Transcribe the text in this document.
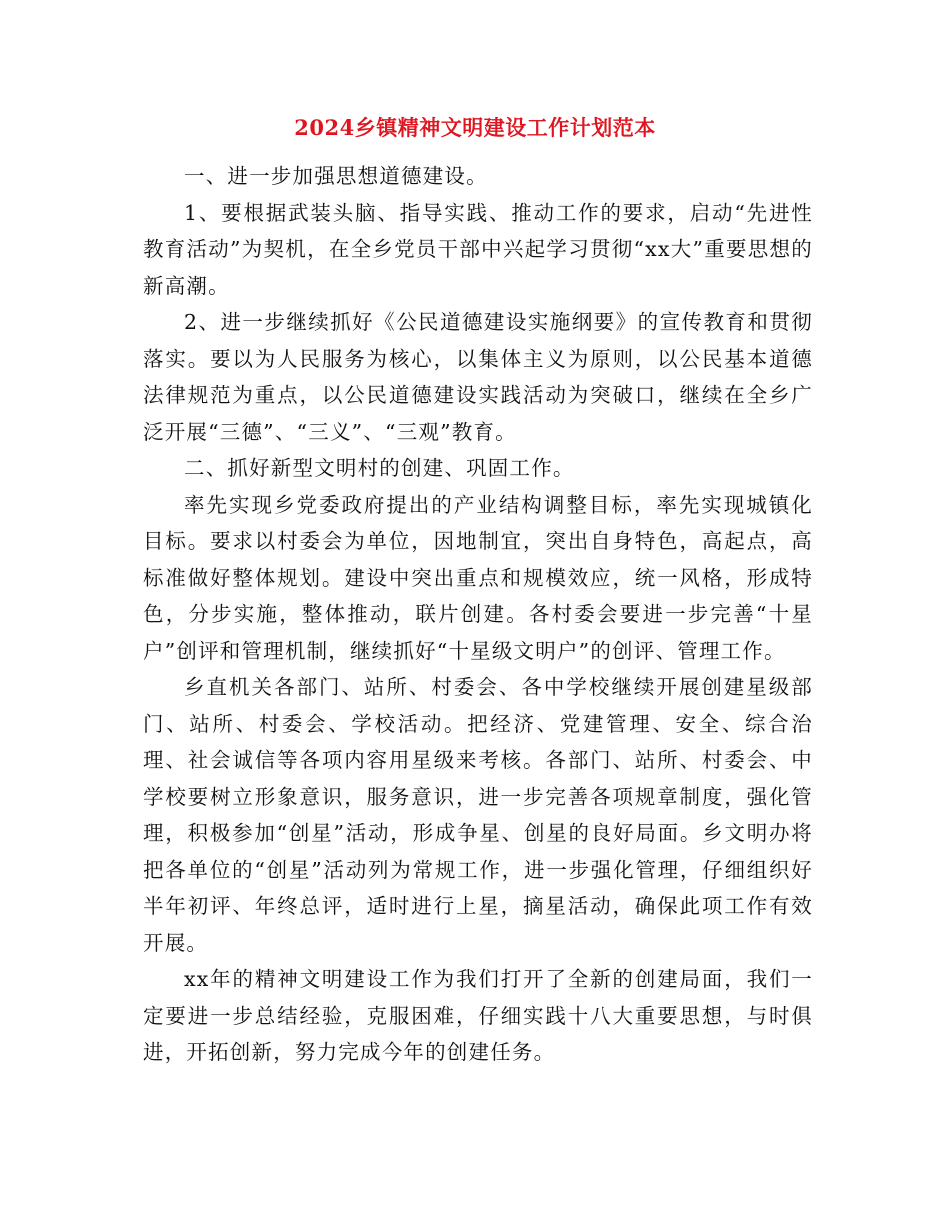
2024乡镇精神文明建设工作计划范本

一、进一步加强思想道德建设。

1、要根据武装头脑、指导实践、推动工作的要求，启动“先进性教育活动”为契机，在全乡党员干部中兴起学习贯彻“xx大”重要思想的新高潮。

2、进一步继续抓好《公民道德建设实施纲要》的宣传教育和贯彻落实。要以为人民服务为核心，以集体主义为原则，以公民基本道德法律规范为重点，以公民道德建设实践活动为突破口，继续在全乡广泛开展“三德”、“三义”、“三观”教育。

二、抓好新型文明村的创建、巩固工作。

率先实现乡党委政府提出的产业结构调整目标，率先实现城镇化目标。要求以村委会为单位，因地制宜，突出自身特色，高起点，高标准做好整体规划。建设中突出重点和规模效应，统一风格，形成特色，分步实施，整体推动，联片创建。各村委会要进一步完善“十星户”创评和管理机制，继续抓好“十星级文明户”的创评、管理工作。

乡直机关各部门、站所、村委会、各中学校继续开展创建星级部门、站所、村委会、学校活动。把经济、党建管理、安全、综合治理、社会诚信等各项内容用星级来考核。各部门、站所、村委会、中学校要树立形象意识，服务意识，进一步完善各项规章制度，强化管理，积极参加“创星”活动，形成争星、创星的良好局面。乡文明办将把各单位的“创星”活动列为常规工作，进一步强化管理，仔细组织好半年初评、年终总评，适时进行上星，摘星活动，确保此项工作有效开展。

xx年的精神文明建设工作为我们打开了全新的创建局面，我们一定要进一步总结经验，克服困难，仔细实践十八大重要思想，与时俱进，开拓创新，努力完成今年的创建任务。
